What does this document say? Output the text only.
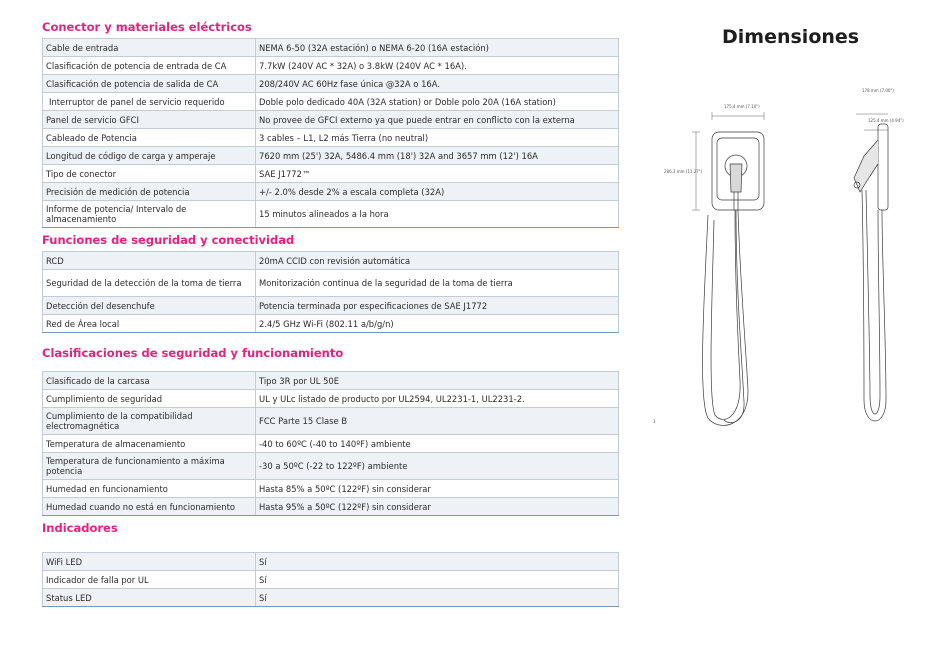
Conector y materiales eléctricos
Cable de entrada	NEMA 6-50 (32A estación) o NEMA 6-20 (16A estación)
Clasificación de potencia de entrada de CA	7.7kW (240V AC * 32A) o 3.8kW (240V AC * 16A).
Clasificación de potencia de salida de CA	208/240V AC 60Hz fase única @32A o 16A.
Interruptor de panel de servicio requerido	Doble polo dedicado 40A (32A station) or Doble polo 20A (16A station)
Panel de servicio GFCI	No provee de GFCI externo ya que puede entrar en conflicto con la externa
Cableado de Potencia	3 cables – L1, L2 más Tierra (no neutral)
Longitud de código de carga y amperaje	7620 mm (25') 32A, 5486.4 mm (18') 32A and 3657 mm (12') 16A
Tipo de conector	SAE J1772™
Precisión de medición de potencia	+/- 2.0% desde 2% a escala completa (32A)
Informe de potencia/ Intervalo de almacenamiento	15 minutos alineados a la hora
Funciones de seguridad y conectividad
RCD	20mA CCID con revisión automática
Seguridad de la detección de la toma de tierra	Monitorización continua de la seguridad de la toma de tierra
Detección del desenchufe	Potencia terminada por especificaciones de SAE J1772
Red de Área local	2.4/5 GHz Wi-Fi (802.11 a/b/g/n)
Clasificaciones de seguridad y funcionamiento
Clasificado de la carcasa	Tipo 3R por UL 50E
Cumplimiento de seguridad	UL y ULc listado de producto por UL2594, UL2231-1, UL2231-2.
Cumplimiento de la compatibilidad electromagnética	FCC Parte 15 Clase B
Temperatura de almacenamiento	-40 to 60ºC (-40 to 140ºF) ambiente
Temperatura de funcionamiento a máxima potencia	-30 a 50ºC (-22 to 122ºF) ambiente
Humedad en funcionamiento	Hasta 85% a 50ºC (122ºF) sin considerar
Humedad cuando no está en funcionamiento	Hasta 95% a 50ºC (122ºF) sin considerar
Indicadores
WiFi LED	Sí
Indicador de falla por UL	Sí
Status LED	Sí
Dimensiones
175.4 mm (7.10")
286.3 mm (11.27")
178 mm (7.00")
125.4 mm (4.94")
3
